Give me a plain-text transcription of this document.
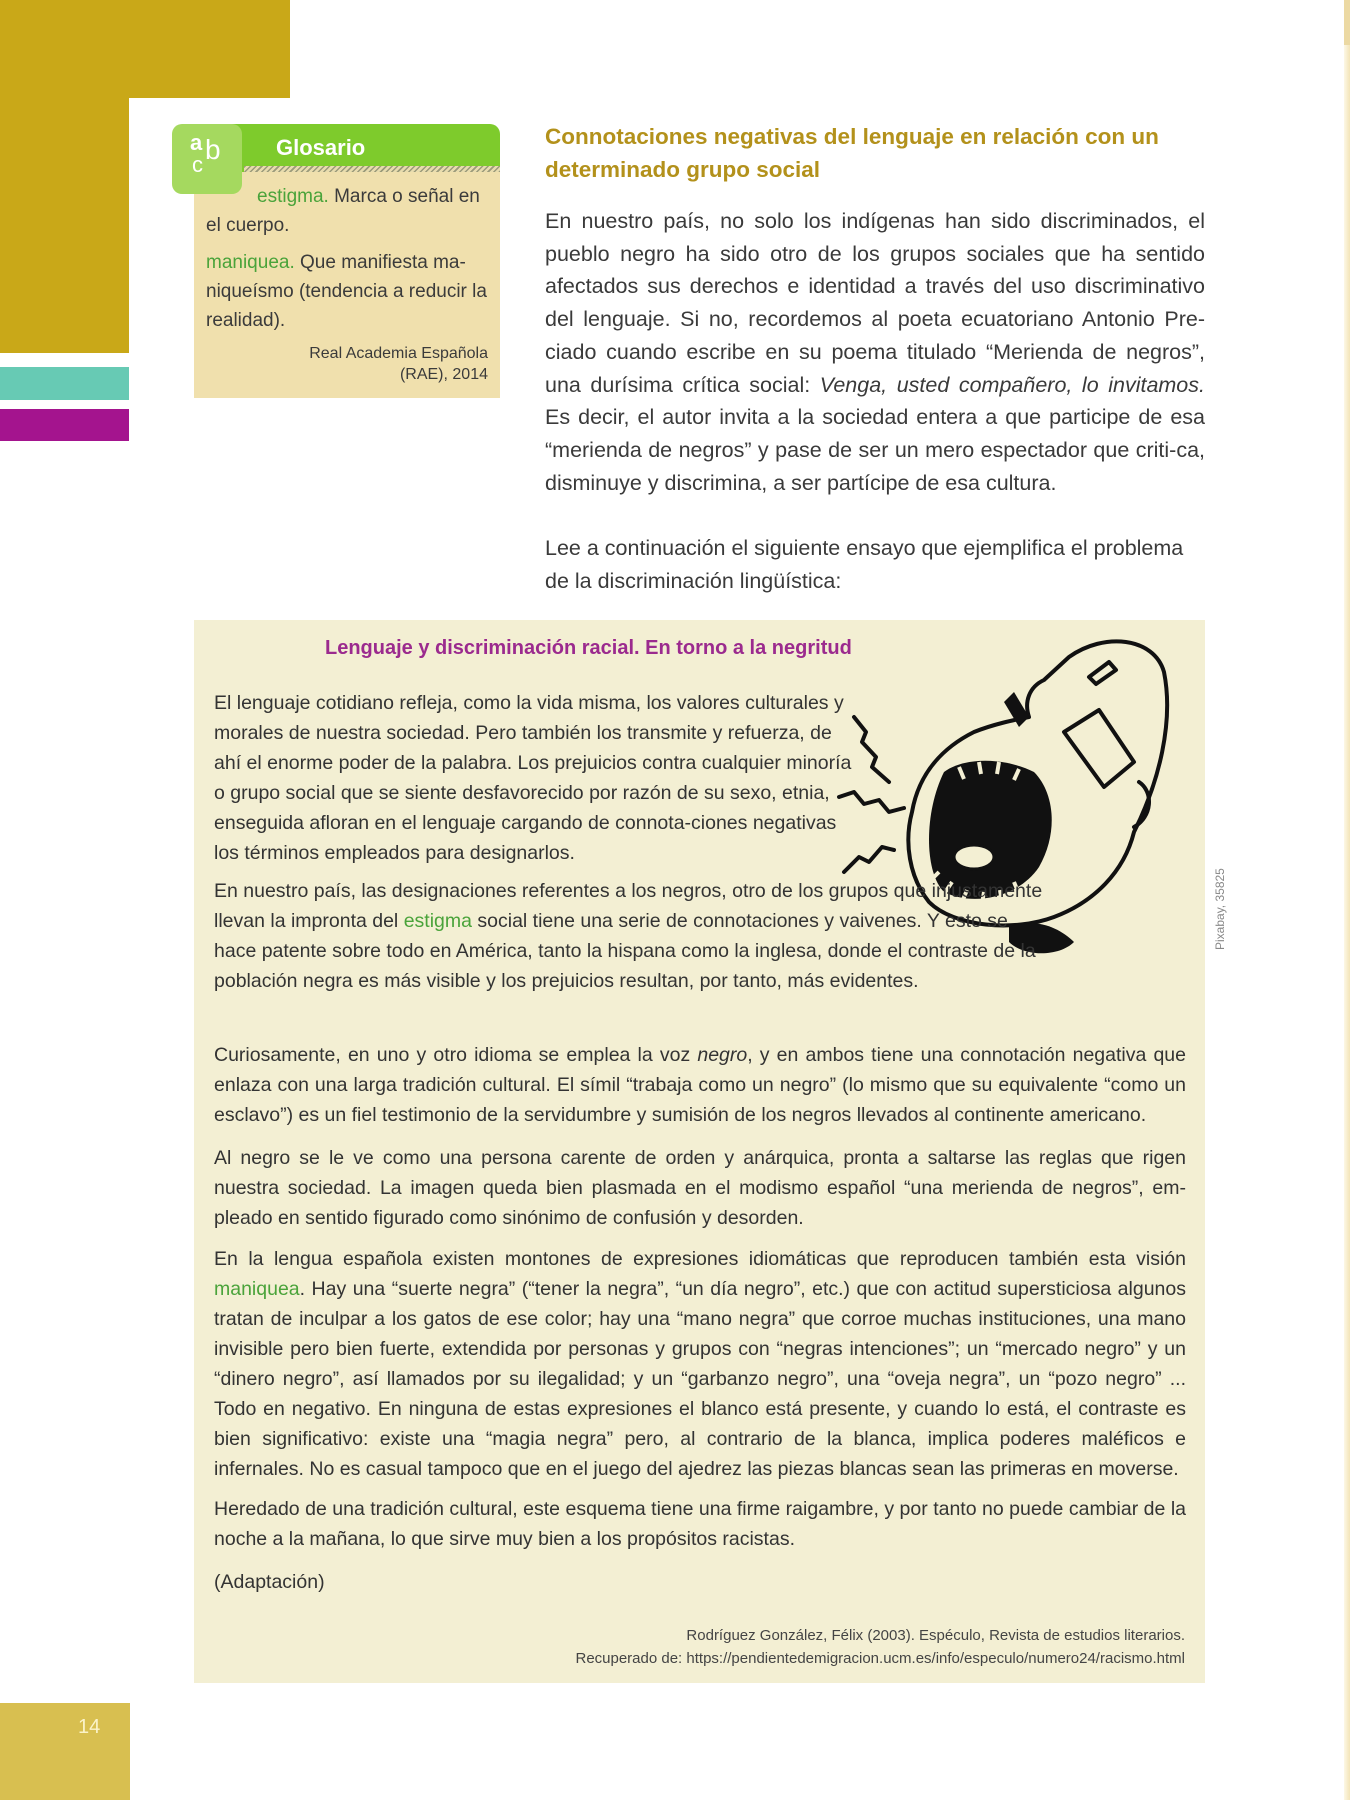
Glosario
a b
c

estigma. Marca o señal en el cuerpo.

maniquea. Que manifiesta ma-niqueísmo (tendencia a reducir la realidad).

Real Academia Española
(RAE), 2014
Connotaciones negativas del lenguaje en relación con un determinado grupo social

En nuestro país, no solo los indígenas han sido discriminados, el pueblo negro ha sido otro de los grupos sociales que ha sentido afectados sus derechos e identidad a través del uso discriminativo del lenguaje. Si no, recordemos al poeta ecuatoriano Antonio Pre-ciado cuando escribe en su poema titulado “Merienda de negros”, una durísima crítica social: Venga, usted compañero, lo invitamos. Es decir, el autor invita a la sociedad entera a que participe de esa “merienda de negros” y pase de ser un mero espectador que criti-ca, disminuye y discrimina, a ser partícipe de esa cultura.

Lee a continuación el siguiente ensayo que ejemplifica el problema de la discriminación lingüística:

Lenguaje y discriminación racial. En torno a la negritud

El lenguaje cotidiano refleja, como la vida misma, los valores culturales y morales de nuestra sociedad. Pero también los transmite y refuerza, de ahí el enorme poder de la palabra. Los prejuicios contra cualquier minoría o grupo social que se siente desfavorecido por razón de su sexo, etnia, enseguida afloran en el lenguaje cargando de connota-ciones negativas los términos empleados para designarlos.

En nuestro país, las designaciones referentes a los negros, otro de los grupos que injustamente llevan la impronta del estigma social tiene una serie de connotaciones y vaivenes. Y esto se hace patente sobre todo en América, tanto la hispana como la inglesa, donde el contraste de la población negra es más visible y los prejuicios resultan, por tanto, más evidentes.

Curiosamente, en uno y otro idioma se emplea la voz negro, y en ambos tiene una connotación negativa que enlaza con una larga tradición cultural. El símil “trabaja como un negro” (lo mismo que su equivalente “como un esclavo”) es un fiel testimonio de la servidumbre y sumisión de los negros llevados al continente americano.

Al negro se le ve como una persona carente de orden y anárquica, pronta a saltarse las reglas que rigen nuestra sociedad. La imagen queda bien plasmada en el modismo español “una merienda de negros”, em-pleado en sentido figurado como sinónimo de confusión y desorden.

En la lengua española existen montones de expresiones idiomáticas que reproducen también esta visión maniquea. Hay una “suerte negra” (“tener la negra”, “un día negro”, etc.) que con actitud supersticiosa algunos tratan de inculpar a los gatos de ese color; hay una “mano negra” que corroe muchas instituciones, una mano invisible pero bien fuerte, extendida por personas y grupos con “negras intenciones”; un “mercado negro” y un “dinero negro”, así llamados por su ilegalidad; y un “garbanzo negro”, una “oveja negra”, un “pozo negro” ... Todo en negativo. En ninguna de estas expresiones el blanco está presente, y cuando lo está, el contraste es bien significativo: existe una “magia negra” pero, al contrario de la blanca, implica poderes maléficos e infernales. No es casual tampoco que en el juego del ajedrez las piezas blancas sean las primeras en moverse.

Heredado de una tradición cultural, este esquema tiene una firme raigambre, y por tanto no puede cambiar de la noche a la mañana, lo que sirve muy bien a los propósitos racistas.

(Adaptación)

Rodríguez González, Félix (2003). Espéculo, Revista de estudios literarios.
Recuperado de: https://pendientedemigracion.ucm.es/info/especulo/numero24/racismo.html
Pixabay, 35825
14
